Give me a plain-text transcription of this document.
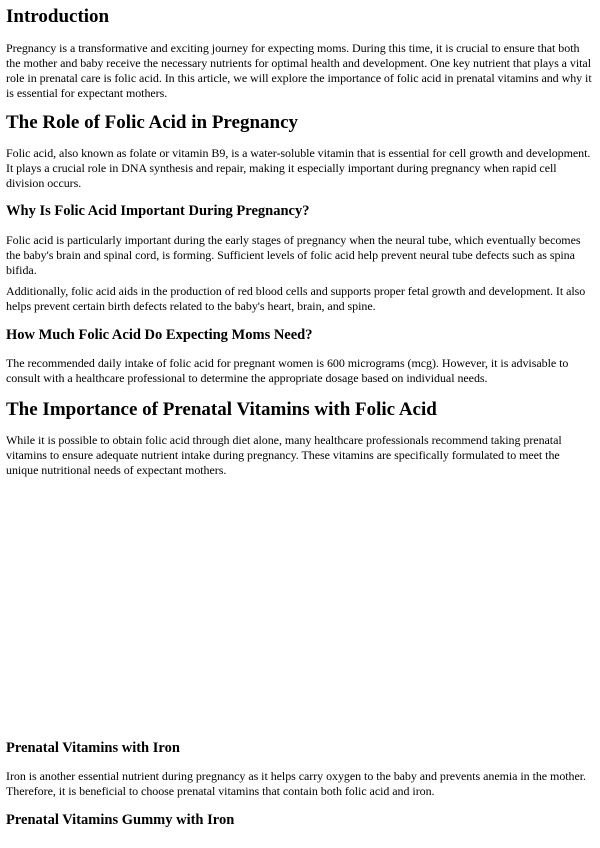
Introduction

Pregnancy is a transformative and exciting journey for expecting moms. During this time, it is crucial to ensure that both the mother and baby receive the necessary nutrients for optimal health and development. One key nutrient that plays a vital role in prenatal care is folic acid. In this article, we will explore the importance of folic acid in prenatal vitamins and why it is essential for expectant mothers.

The Role of Folic Acid in Pregnancy

Folic acid, also known as folate or vitamin B9, is a water-soluble vitamin that is essential for cell growth and development. It plays a crucial role in DNA synthesis and repair, making it especially important during pregnancy when rapid cell division occurs.

Why Is Folic Acid Important During Pregnancy?

Folic acid is particularly important during the early stages of pregnancy when the neural tube, which eventually becomes the baby's brain and spinal cord, is forming. Sufficient levels of folic acid help prevent neural tube defects such as spina bifida.

Additionally, folic acid aids in the production of red blood cells and supports proper fetal growth and development. It also helps prevent certain birth defects related to the baby's heart, brain, and spine.

How Much Folic Acid Do Expecting Moms Need?

The recommended daily intake of folic acid for pregnant women is 600 micrograms (mcg). However, it is advisable to consult with a healthcare professional to determine the appropriate dosage based on individual needs.

The Importance of Prenatal Vitamins with Folic Acid

While it is possible to obtain folic acid through diet alone, many healthcare professionals recommend taking prenatal vitamins to ensure adequate nutrient intake during pregnancy. These vitamins are specifically formulated to meet the unique nutritional needs of expectant mothers.

Prenatal Vitamins with Iron

Iron is another essential nutrient during pregnancy as it helps carry oxygen to the baby and prevents anemia in the mother. Therefore, it is beneficial to choose prenatal vitamins that contain both folic acid and iron.

Prenatal Vitamins Gummy with Iron
